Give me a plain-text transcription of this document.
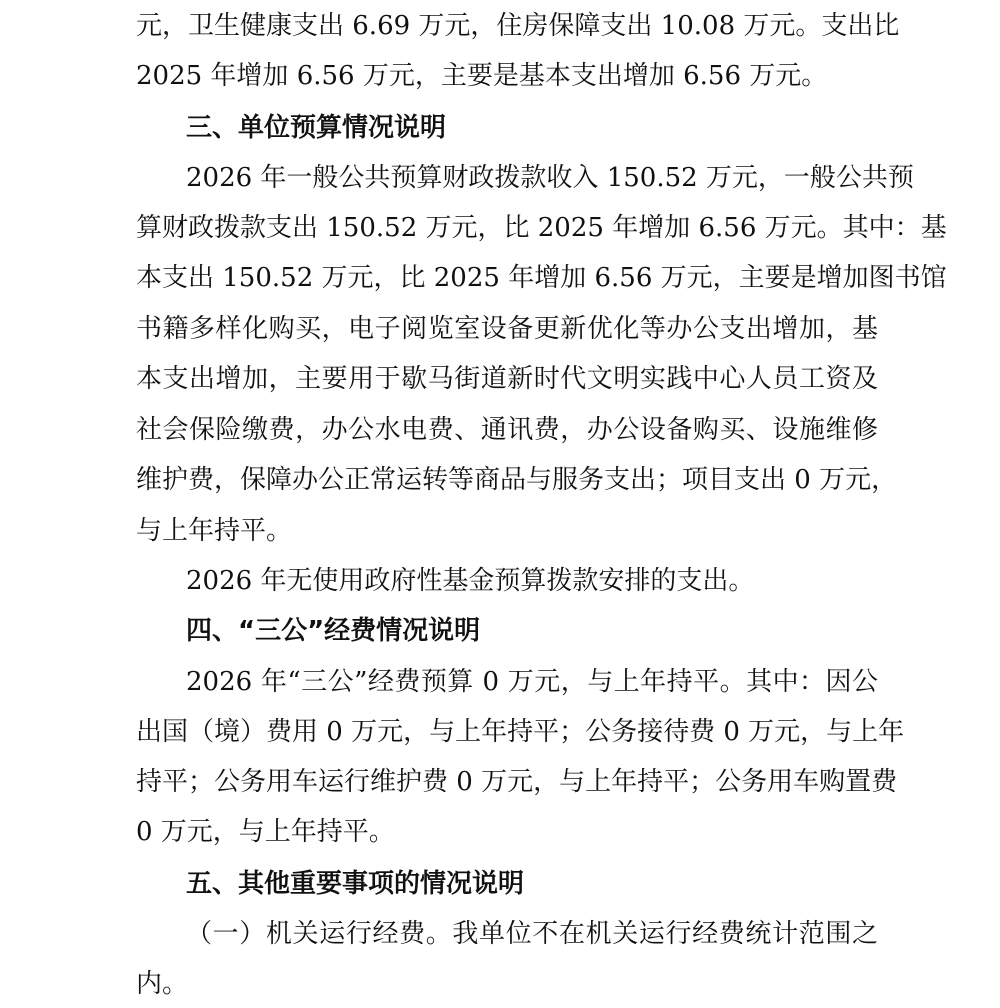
元，卫生健康支出 6.69 万元，住房保障支出 10.08 万元。支出比
2025 年增加 6.56 万元，主要是基本支出增加 6.56 万元。
三、单位预算情况说明
2026 年一般公共预算财政拨款收入 150.52 万元，一般公共预
算财政拨款支出 150.52 万元，比 2025 年增加 6.56 万元。其中：基
本支出 150.52 万元，比 2025 年增加 6.56 万元，主要是增加图书馆
书籍多样化购买，电子阅览室设备更新优化等办公支出增加，基
本支出增加，主要用于歇马街道新时代文明实践中心人员工资及
社会保险缴费，办公水电费、通讯费，办公设备购买、设施维修
维护费，保障办公正常运转等商品与服务支出；项目支出 0 万元，
与上年持平。
2026 年无使用政府性基金预算拨款安排的支出。
四、“三公”经费情况说明
2026 年“三公”经费预算 0 万元，与上年持平。其中：因公
出国（境）费用 0 万元，与上年持平；公务接待费 0 万元，与上年
持平；公务用车运行维护费 0 万元，与上年持平；公务用车购置费
0 万元，与上年持平。
五、其他重要事项的情况说明
（一）机关运行经费。我单位不在机关运行经费统计范围之
内。
